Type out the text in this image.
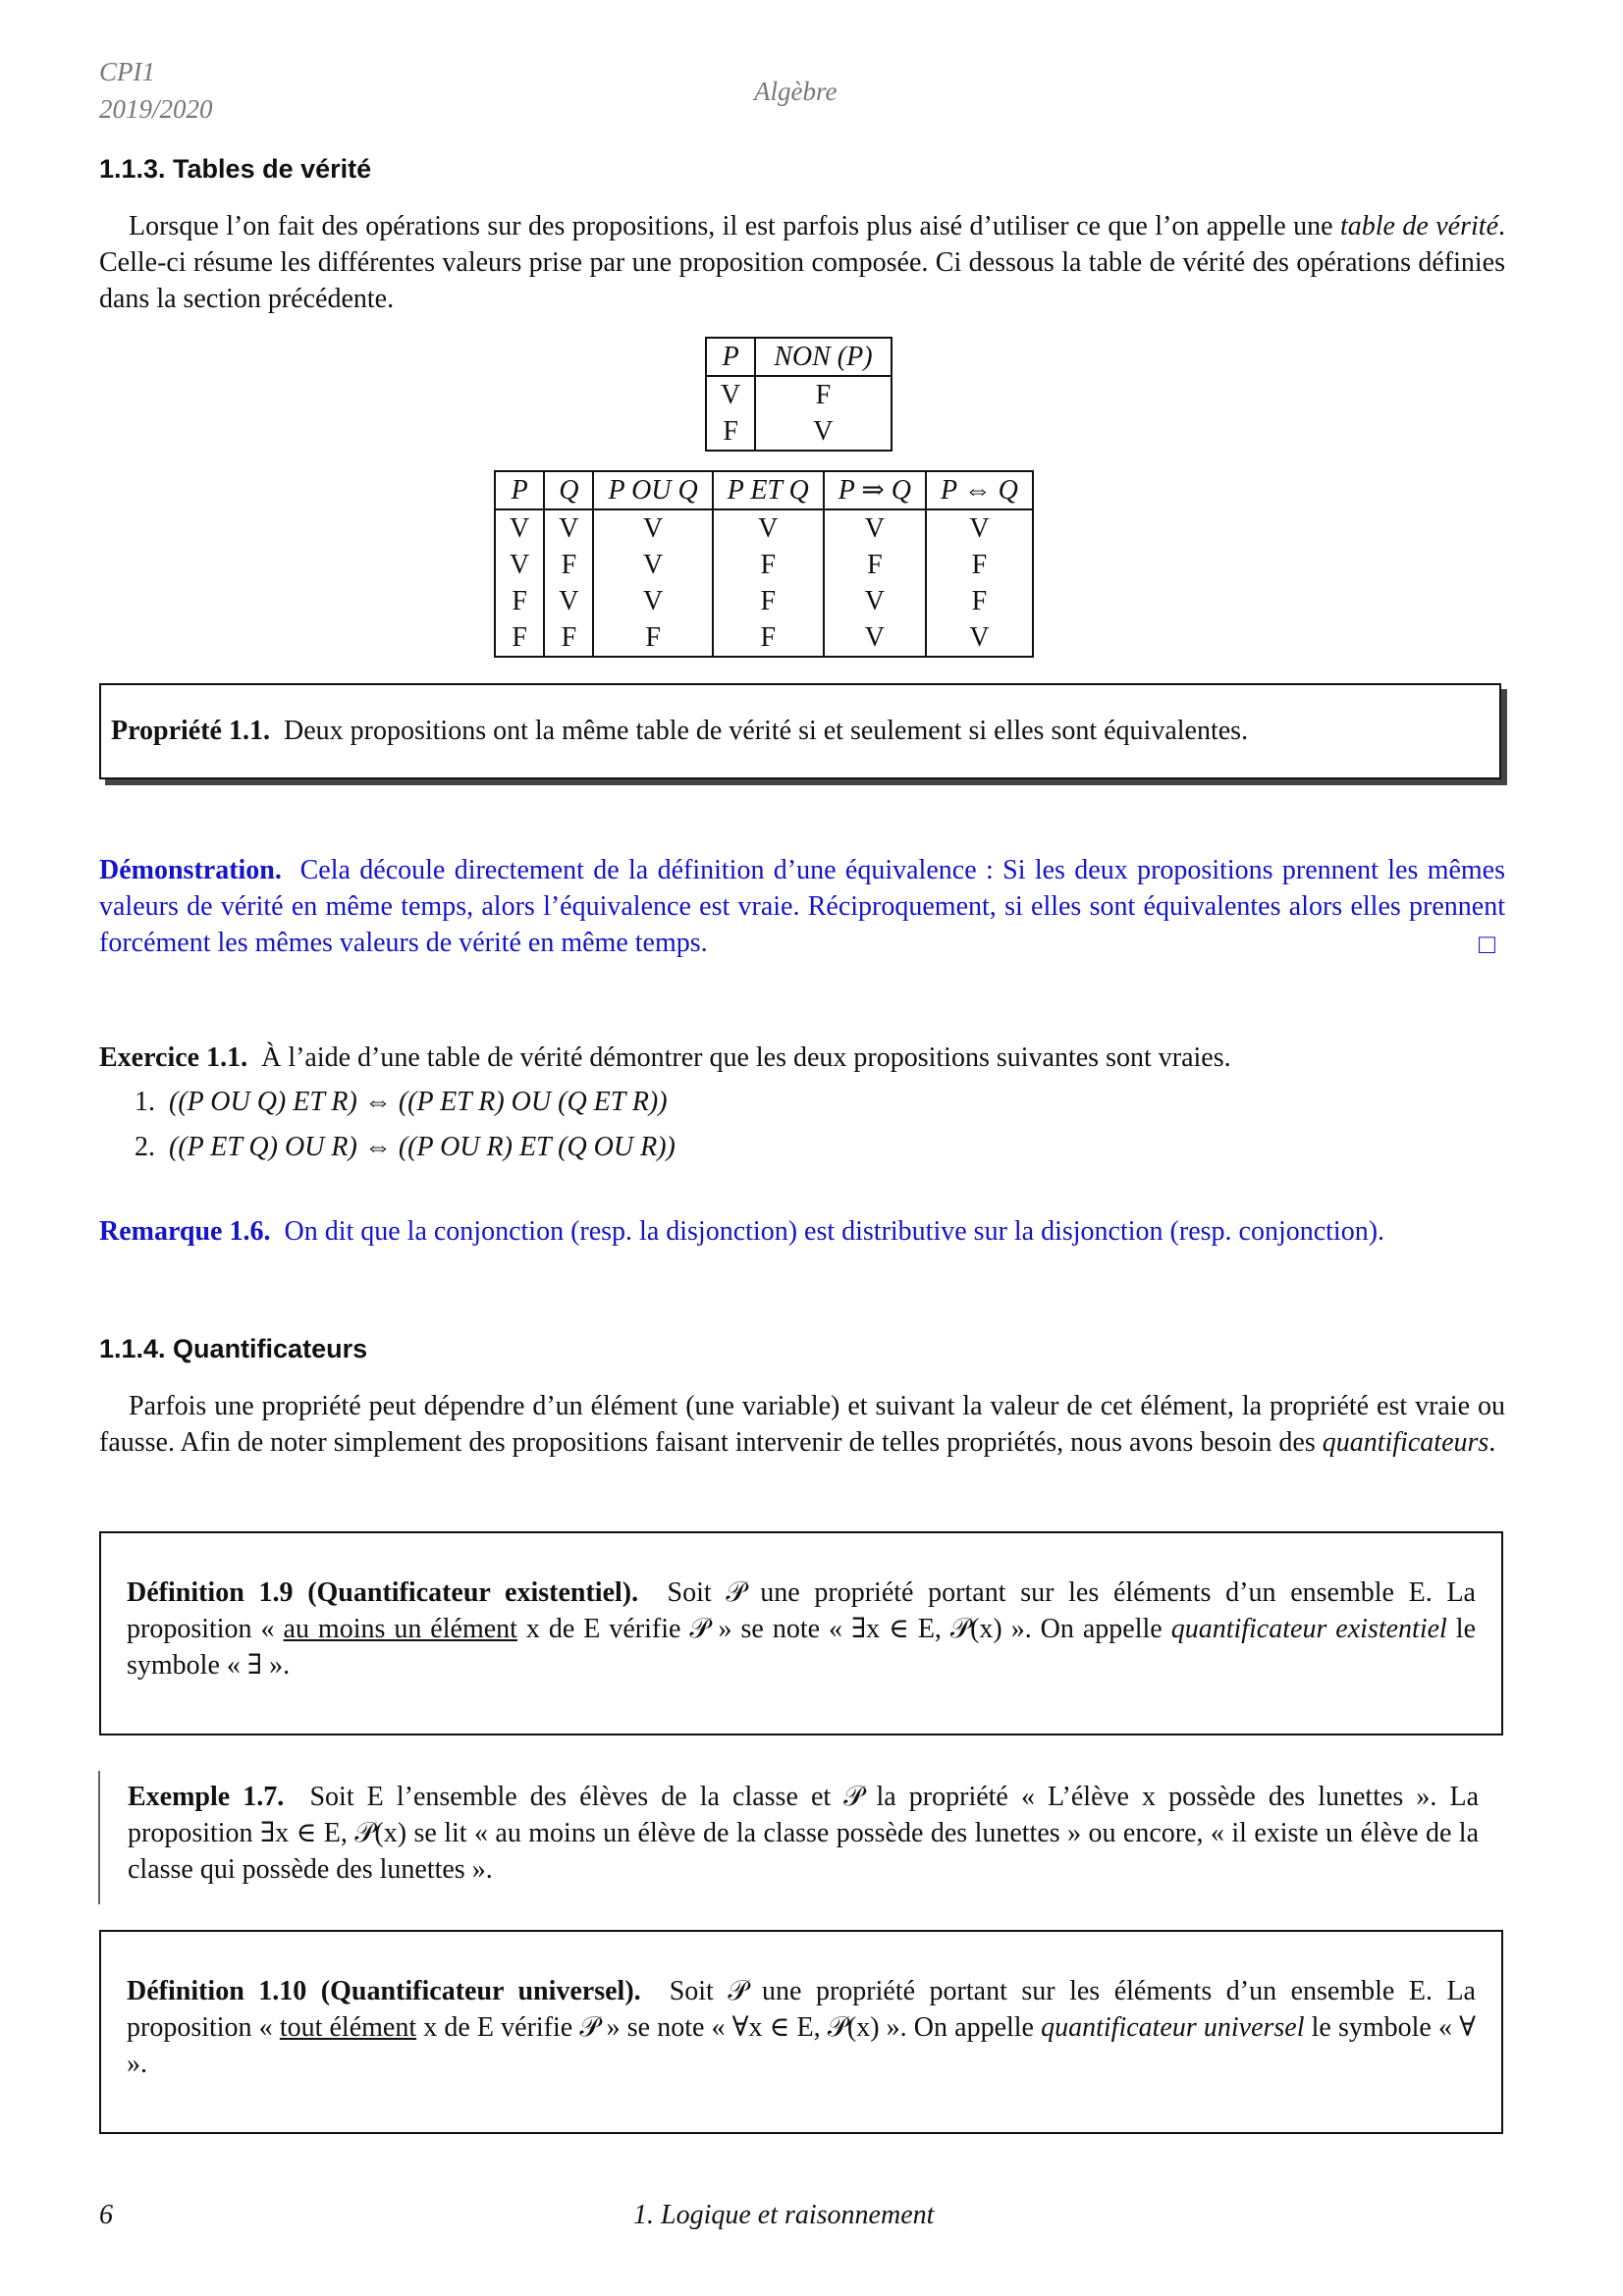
CPI1
2019/2020
Algèbre
1.1.3. Tables de vérité

Lorsque l’on fait des opérations sur des propositions, il est parfois plus aisé d’utiliser ce que l’on appelle une table de vérité. Celle-ci résume les différentes valeurs prise par une proposition composée. Ci dessous la table de vérité des opérations définies dans la section précédente.

P	NON (P)
V	F
F	V
P	Q	P OU Q	P ET Q	P ⇒ Q	P ⇔ Q
V	V	V	V	V	V
V	F	V	F	F	F
F	V	V	F	V	F
F	F	F	F	V	V
Propriété 1.1. Deux propositions ont la même table de vérité si et seulement si elles sont équivalentes.
Démonstration. Cela découle directement de la définition d’une équivalence : Si les deux propositions prennent les mêmes valeurs de vérité en même temps, alors l’équivalence est vraie. Réciproquement, si elles sont équivalentes alors elles prennent forcément les mêmes valeurs de vérité en même temps.	□
Exercice 1.1. À l’aide d’une table de vérité démontrer que les deux propositions suivantes sont vraies.
1. ((P OU Q) ET R) ⇔ ((P ET R) OU (Q ET R))
2. ((P ET Q) OU R) ⇔ ((P OU R) ET (Q OU R))
Remarque 1.6. On dit que la conjonction (resp. la disjonction) est distributive sur la disjonction (resp. conjonction).
1.1.4. Quantificateurs

Parfois une propriété peut dépendre d’un élément (une variable) et suivant la valeur de cet élément, la propriété est vraie ou fausse. Afin de noter simplement des propositions faisant intervenir de telles propriétés, nous avons besoin des quantificateurs.

Définition 1.9 (Quantificateur existentiel). Soit 𝒫 une propriété portant sur les éléments d’un ensemble E. La proposition « au moins un élément x de E vérifie 𝒫 » se note « ∃x ∈ E, 𝒫(x) ». On appelle quantificateur existentiel le symbole « ∃ ».
Exemple 1.7. Soit E l’ensemble des élèves de la classe et 𝒫 la propriété « L’élève x possède des lunettes ». La proposition ∃x ∈ E, 𝒫(x) se lit « au moins un élève de la classe possède des lunettes » ou encore, « il existe un élève de la classe qui possède des lunettes ».
Définition 1.10 (Quantificateur universel). Soit 𝒫 une propriété portant sur les éléments d’un ensemble E. La proposition « tout élément x de E vérifie 𝒫 » se note « ∀x ∈ E, 𝒫(x) ». On appelle quantificateur universel le symbole « ∀ ».
6	1. Logique et raisonnement
